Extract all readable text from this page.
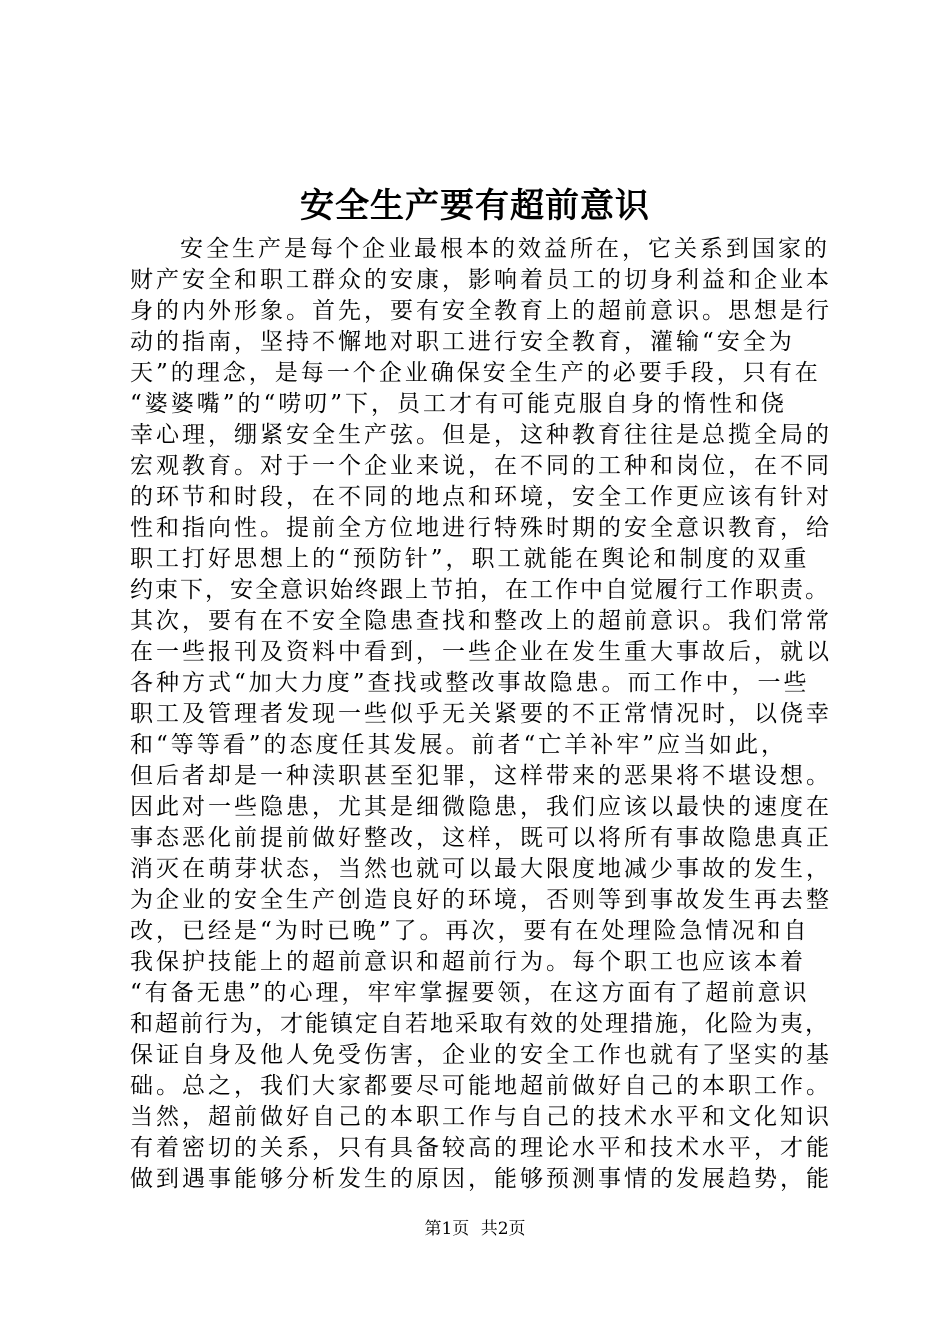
安全生产要有超前意识
安全生产是每个企业最根本的效益所在，它关系到国家的
财产安全和职工群众的安康，影响着员工的切身利益和企业本
身的内外形象。首先，要有安全教育上的超前意识。思想是行
动的指南，坚持不懈地对职工进行安全教育，灌输“安全为
天”的理念，是每一个企业确保安全生产的必要手段，只有在
“婆婆嘴”的“唠叨”下，员工才有可能克服自身的惰性和侥
幸心理，绷紧安全生产弦。但是，这种教育往往是总揽全局的
宏观教育。对于一个企业来说，在不同的工种和岗位，在不同
的环节和时段，在不同的地点和环境，安全工作更应该有针对
性和指向性。提前全方位地进行特殊时期的安全意识教育，给
职工打好思想上的“预防针”，职工就能在舆论和制度的双重
约束下，安全意识始终跟上节拍，在工作中自觉履行工作职责。
其次，要有在不安全隐患查找和整改上的超前意识。我们常常
在一些报刊及资料中看到，一些企业在发生重大事故后，就以
各种方式“加大力度”查找或整改事故隐患。而工作中，一些
职工及管理者发现一些似乎无关紧要的不正常情况时，以侥幸
和“等等看”的态度任其发展。前者“亡羊补牢”应当如此，
但后者却是一种渎职甚至犯罪，这样带来的恶果将不堪设想。
因此对一些隐患，尤其是细微隐患，我们应该以最快的速度在
事态恶化前提前做好整改，这样，既可以将所有事故隐患真正
消灭在萌芽状态，当然也就可以最大限度地减少事故的发生，
为企业的安全生产创造良好的环境，否则等到事故发生再去整
改，已经是“为时已晚”了。再次，要有在处理险急情况和自
我保护技能上的超前意识和超前行为。每个职工也应该本着
“有备无患”的心理，牢牢掌握要领，在这方面有了超前意识
和超前行为，才能镇定自若地采取有效的处理措施，化险为夷，
保证自身及他人免受伤害，企业的安全工作也就有了坚实的基
础。总之，我们大家都要尽可能地超前做好自己的本职工作。
当然，超前做好自己的本职工作与自己的技术水平和文化知识
有着密切的关系，只有具备较高的理论水平和技术水平，才能
做到遇事能够分析发生的原因，能够预测事情的发展趋势，能
第1页 共2页
